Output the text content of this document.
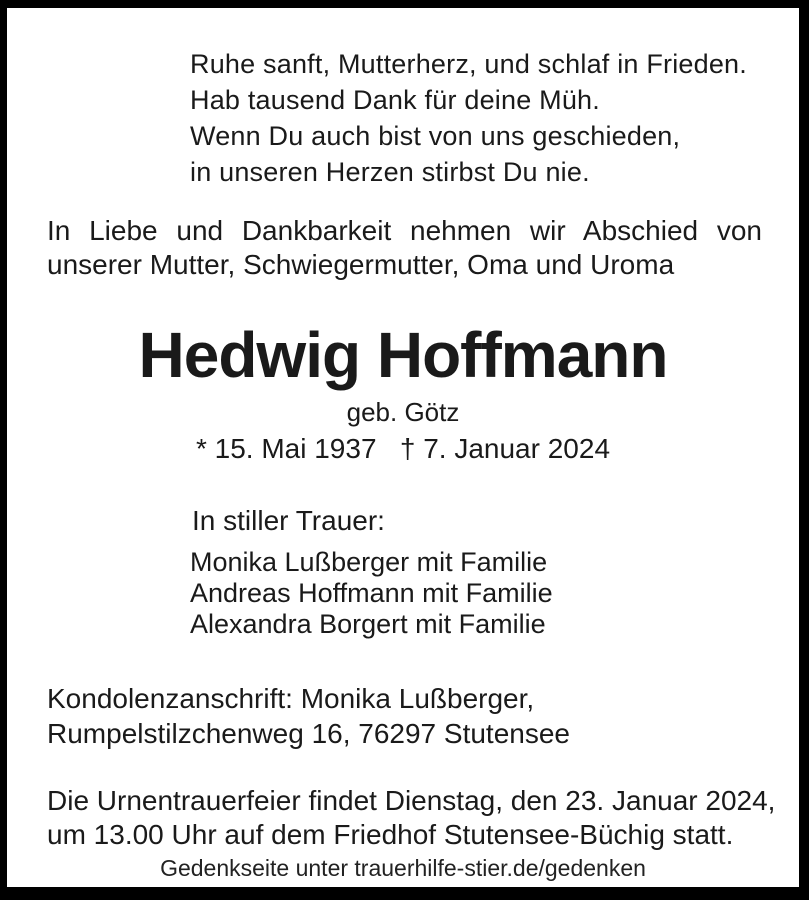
Ruhe sanft, Mutterherz, und schlaf in Frieden.
Hab tausend Dank für deine Müh.
Wenn Du auch bist von uns geschieden,
in unseren Herzen stirbst Du nie.
In Liebe und Dankbarkeit nehmen wir Abschied von
unserer Mutter, Schwiegermutter, Oma und Uroma
Hedwig Hoffmann
geb. Götz
* 15. Mai 1937   † 7. Januar 2024
In stiller Trauer:
Monika Lußberger mit Familie
Andreas Hoffmann mit Familie
Alexandra Borgert mit Familie
Kondolenzanschrift: Monika Lußberger,
Rumpelstilzchenweg 16, 76297 Stutensee
Die Urnentrauerfeier findet Dienstag, den 23. Januar 2024,
um 13.00 Uhr auf dem Friedhof Stutensee-Büchig statt.
Gedenkseite unter trauerhilfe-stier.de/gedenken
